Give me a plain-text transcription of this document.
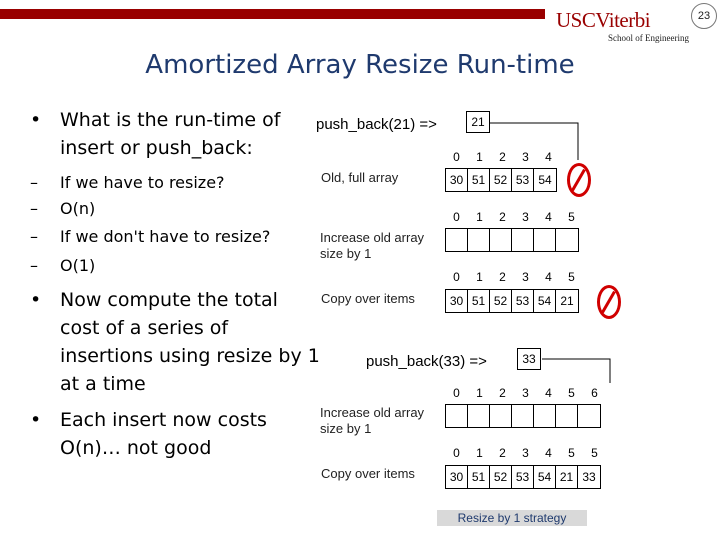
23
USCViterbi
School of Engineering
Amortized Array Resize Run-time
• What is the run-time of insert or push_back:
– If we have to resize?
– O(n)
– If we don't have to resize?
– O(1)
• Now compute the total cost of a series of insertions using resize by 1 at a time
• Each insert now costs O(n)… not good
push_back(21) =>	21
0	1	2	3	4
Old, full array	30 51 52 53 54
0	1	2	3	4	5
Increase old array size by 1
0	1	2	3	4	5
Copy over items	30 51 52 53 54 21
push_back(33) =>	33
0	1	2	3	4	5	6
Increase old array size by 1
0	1	2	3	4	5	5
Copy over items	30 51 52 53 54 21 33
Resize by 1 strategy
